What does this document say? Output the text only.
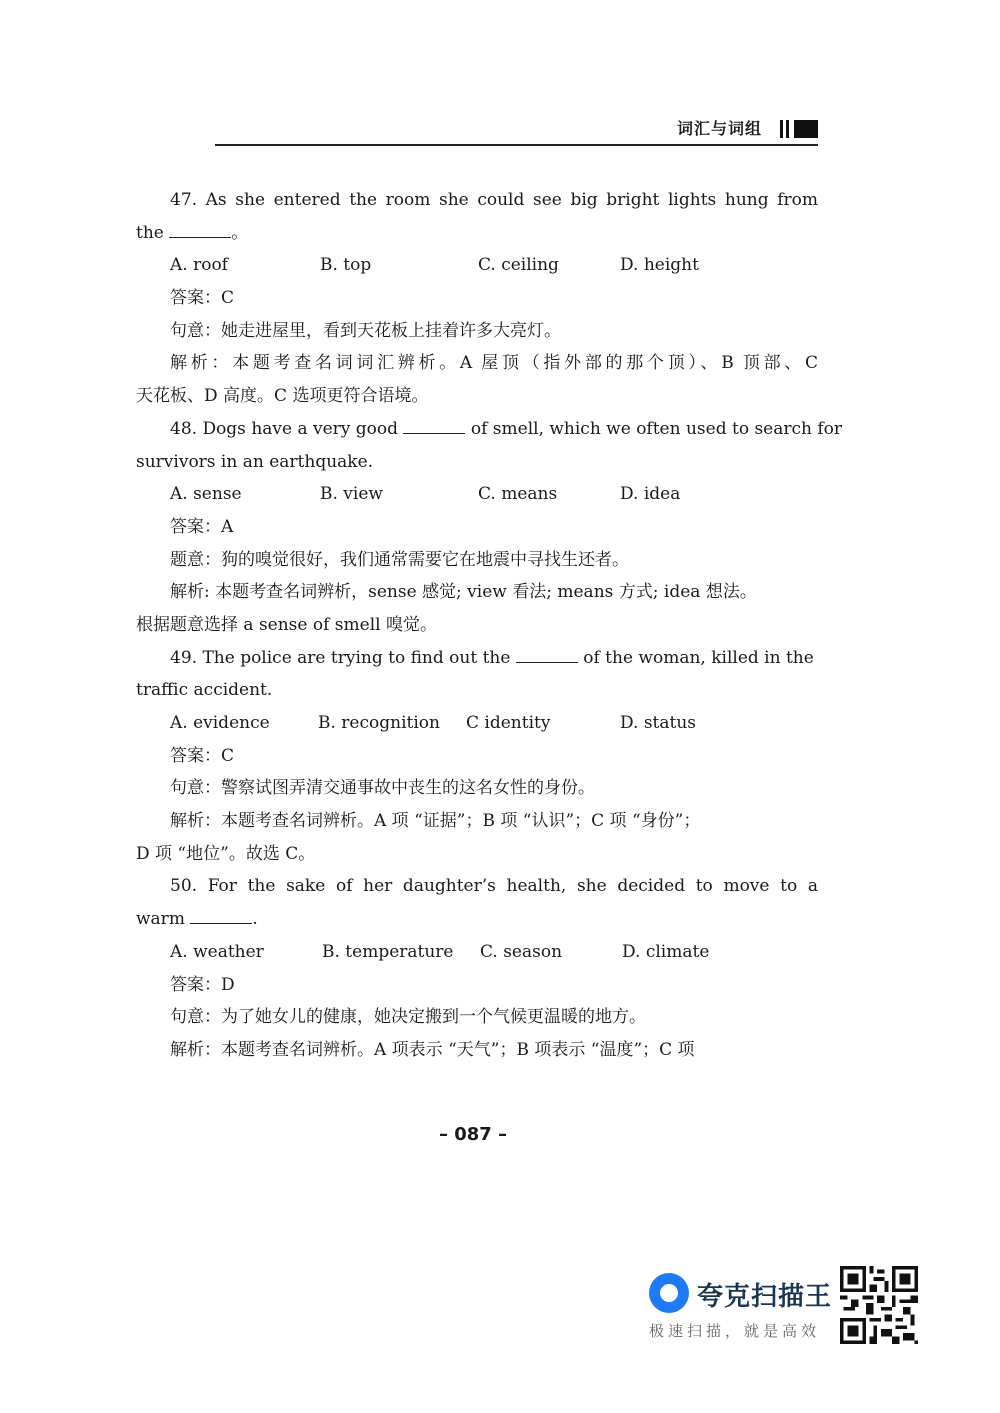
词汇与词组
47. As she entered the room she could see big bright lights hung from
the	。
A. roof	B. top	C. ceiling	D. height
答案：C
句意：她走进屋里，看到天花板上挂着许多大亮灯。
解析：本题考查名词词汇辨析。A 屋顶（指外部的那个顶）、B 顶部、C
天花板、D 高度。C 选项更符合语境。
48. Dogs have a very good	of smell, which we often used to search for
survivors in an earthquake.
A. sense	B. view	C. means	D. idea
答案：A
题意：狗的嗅觉很好，我们通常需要它在地震中寻找生还者。
解析: 本题考查名词辨析，sense 感觉; view 看法; means 方式; idea 想法。
根据题意选择 a sense of smell 嗅觉。
49. The police are trying to find out the	of the woman, killed in the
traffic accident.
A. evidence	B. recognition	C identity	D. status
答案：C
句意：警察试图弄清交通事故中丧生的这名女性的身份。
解析：本题考查名词辨析。A 项 “证据”；B 项 “认识”；C 项 “身份”；
D 项 “地位”。故选 C。
50. For the sake of her daughter’s health, she decided to move to a
warm	.
A. weather	B. temperature	C. season	D. climate
答案：D
句意：为了她女儿的健康，她决定搬到一个气候更温暖的地方。
解析：本题考查名词辨析。A 项表示 “天气”；B 项表示 “温度”；C 项
– 087 –
夸克扫描王
极速扫描，就是高效
